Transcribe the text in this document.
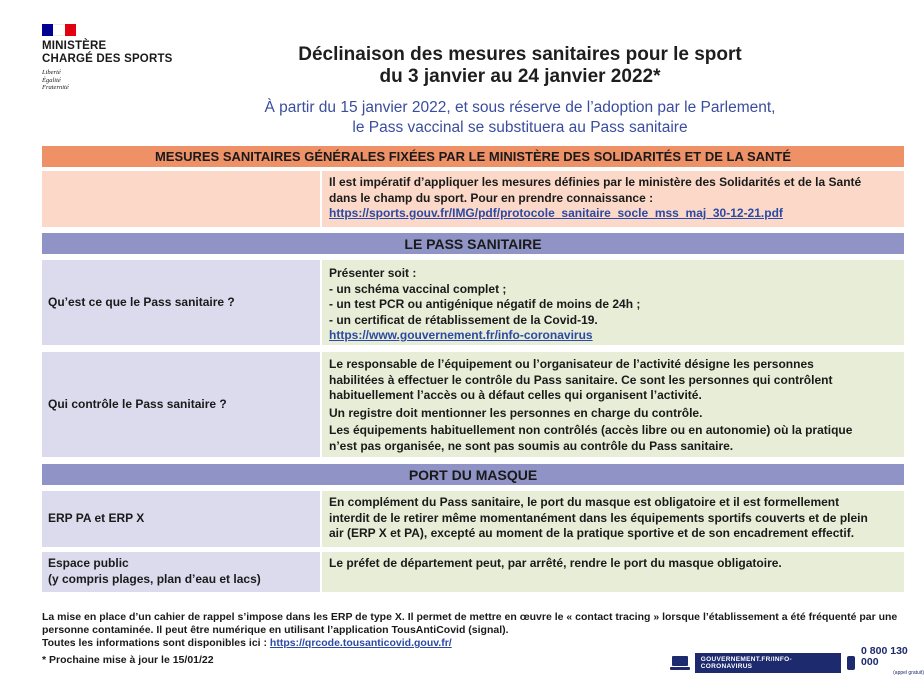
MINISTÈRE
CHARGÉ DES SPORTS
Liberté
Égalité
Fraternité
Déclinaison des mesures sanitaires pour le sport
du 3 janvier au 24 janvier 2022*
À partir du 15 janvier 2022, et sous réserve de l’adoption par le Parlement,
le Pass vaccinal se substituera au Pass sanitaire
MESURES SANITAIRES GÉNÉRALES FIXÉES PAR LE MINISTÈRE DES SOLIDARITÉS ET DE LA SANTÉ

Il est impératif d’appliquer les mesures définies par le ministère des Solidarités et de la Santé

dans le champ du sport. Pour en prendre connaissance :

https://sports.gouv.fr/IMG/pdf/protocole_sanitaire_socle_mss_maj_30-12-21.pdf

LE PASS SANITAIRE
Qu’est ce que le Pass sanitaire ?

Présenter soit :

- un schéma vaccinal complet ;

- un test PCR ou antigénique négatif de moins de 24h ;

- un certificat de rétablissement de la Covid-19.

https://www.gouvernement.fr/info-coronavirus

Qui contrôle le Pass sanitaire ?

Le responsable de l’équipement ou l’organisateur de l’activité désigne les personnes

habilitées à effectuer le contrôle du Pass sanitaire. Ce sont les personnes qui contrôlent

habituellement l’accès ou à défaut celles qui organisent l’activité.

Un registre doit mentionner les personnes en charge du contrôle.

Les équipements habituellement non contrôlés (accès libre ou en autonomie) où la pratique

n’est pas organisée, ne sont pas soumis au contrôle du Pass sanitaire.

PORT DU MASQUE
ERP PA et ERP X

En complément du Pass sanitaire, le port du masque est obligatoire et il est formellement

interdit de le retirer même momentanément dans les équipements sportifs couverts et de plein

air (ERP X et PA), excepté au moment de la pratique sportive et de son encadrement effectif.

Espace public
(y compris plages, plan d’eau et lacs)

Le préfet de département peut, par arrêté, rendre le port du masque obligatoire.

La mise en place d’un cahier de rappel s’impose dans les ERP de type X. Il permet de mettre en œuvre le « contact tracing » lorsque l’établissement a été fréquenté par une
personne contaminée. Il peut être numérique en utilisant l’application TousAntiCovid (signal).
Toutes les informations sont disponibles ici : https://qrcode.tousanticovid.gouv.fr/
* Prochaine mise à jour le 15/01/22	GOUVERNEMENT.FR/INFO-CORONAVIRUS
0 800 130 000
(appel gratuit)
